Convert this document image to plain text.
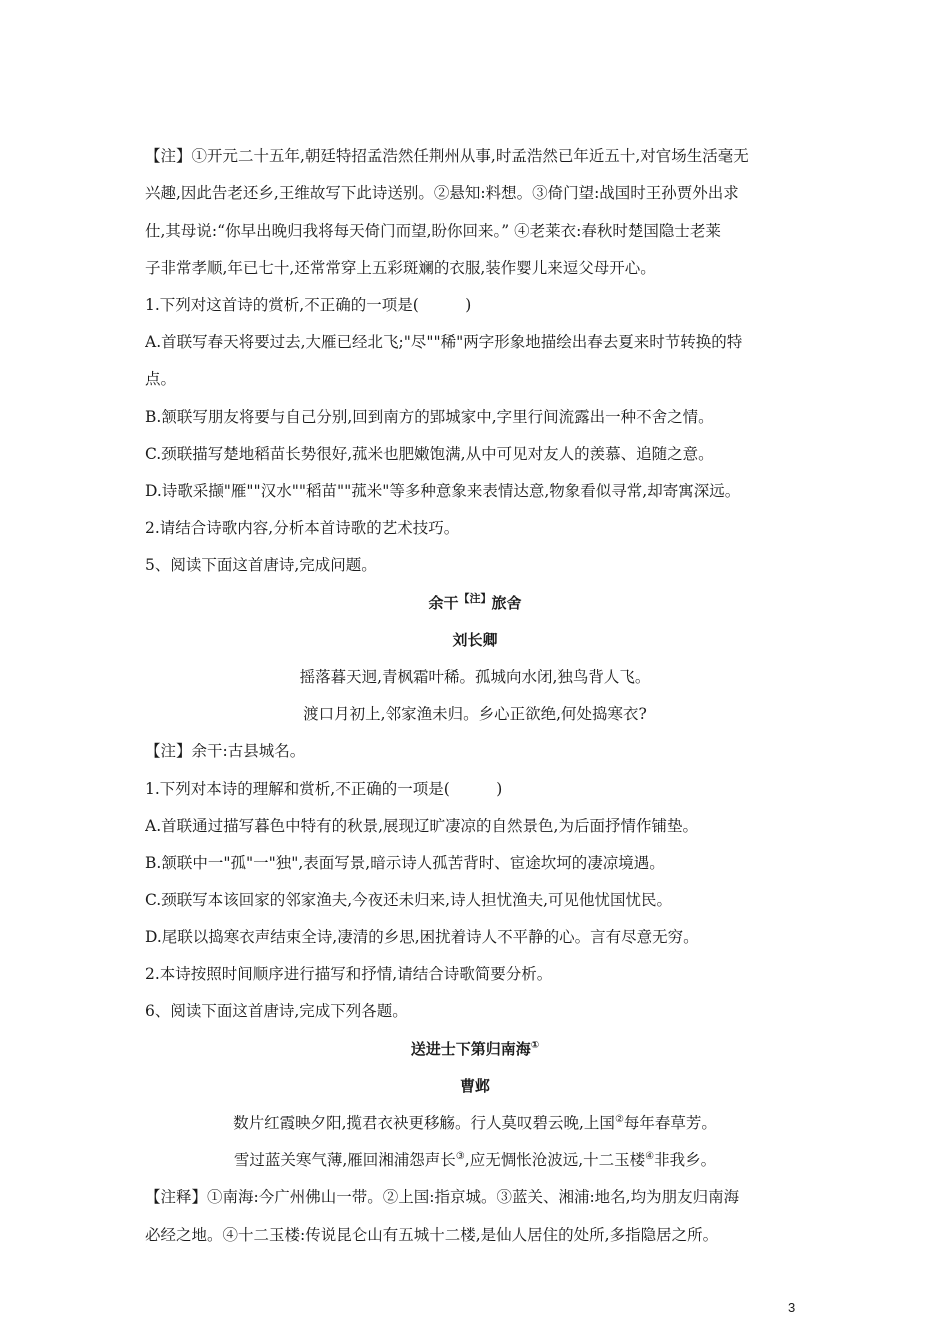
【注】①开元二十五年,朝廷特招孟浩然任荆州从事,时孟浩然已年近五十,对官场生活毫无
兴趣,因此告老还乡,王维故写下此诗送别。②悬知:料想。③倚门望:战国时王孙贾外出求
仕,其母说:“你早出晚归我将每天倚门而望,盼你回来。” ④老莱衣:春秋时楚国隐士老莱
子非常孝顺,年已七十,还常常穿上五彩斑斓的衣服,装作婴儿来逗父母开心。
1.下列对这首诗的赏析,不正确的一项是(　　　)
A.首联写春天将要过去,大雁已经北飞;"尽""稀"两字形象地描绘出春去夏来时节转换的特
点。
B.颔联写朋友将要与自己分别,回到南方的郢城家中,字里行间流露出一种不舍之情。
C.颈联描写楚地稻苗长势很好,菰米也肥嫩饱满,从中可见对友人的羡慕、追随之意。
D.诗歌采撷"雁""汉水""稻苗""菰米"等多种意象来表情达意,物象看似寻常,却寄寓深远。
2.请结合诗歌内容,分析本首诗歌的艺术技巧。
5、阅读下面这首唐诗,完成问题。
余干$^{【注】}$旅舍
刘长卿
摇落暮天迥,青枫霜叶稀。孤城向水闭,独鸟背人飞。
渡口月初上,邻家渔未归。乡心正欲绝,何处捣寒衣?
【注】余干:古县城名。
1.下列对本诗的理解和赏析,不正确的一项是(　　　)
A.首联通过描写暮色中特有的秋景,展现辽旷凄凉的自然景色,为后面抒情作铺垫。
B.颔联中一"孤"一"独",表面写景,暗示诗人孤苦背时、宦途坎坷的凄凉境遇。
C.颈联写本该回家的邻家渔夫,今夜还未归来,诗人担忧渔夫,可见他忧国忧民。
D.尾联以捣寒衣声结束全诗,凄清的乡思,困扰着诗人不平静的心。言有尽意无穷。
2.本诗按照时间顺序进行描写和抒情,请结合诗歌简要分析。
6、阅读下面这首唐诗,完成下列各题。
送进士下第归南海①
曹邺
数片红霞映夕阳,揽君衣袂更移觞。行人莫叹碧云晚,上国②每年春草芳。
雪过蓝关寒气薄,雁回湘浦怨声长③,应无惆怅沧波远,十二玉楼④非我乡。
【注释】①南海:今广州佛山一带。②上国:指京城。③蓝关、湘浦:地名,均为朋友归南海
必经之地。④十二玉楼:传说昆仑山有五城十二楼,是仙人居住的处所,多指隐居之所。
3
